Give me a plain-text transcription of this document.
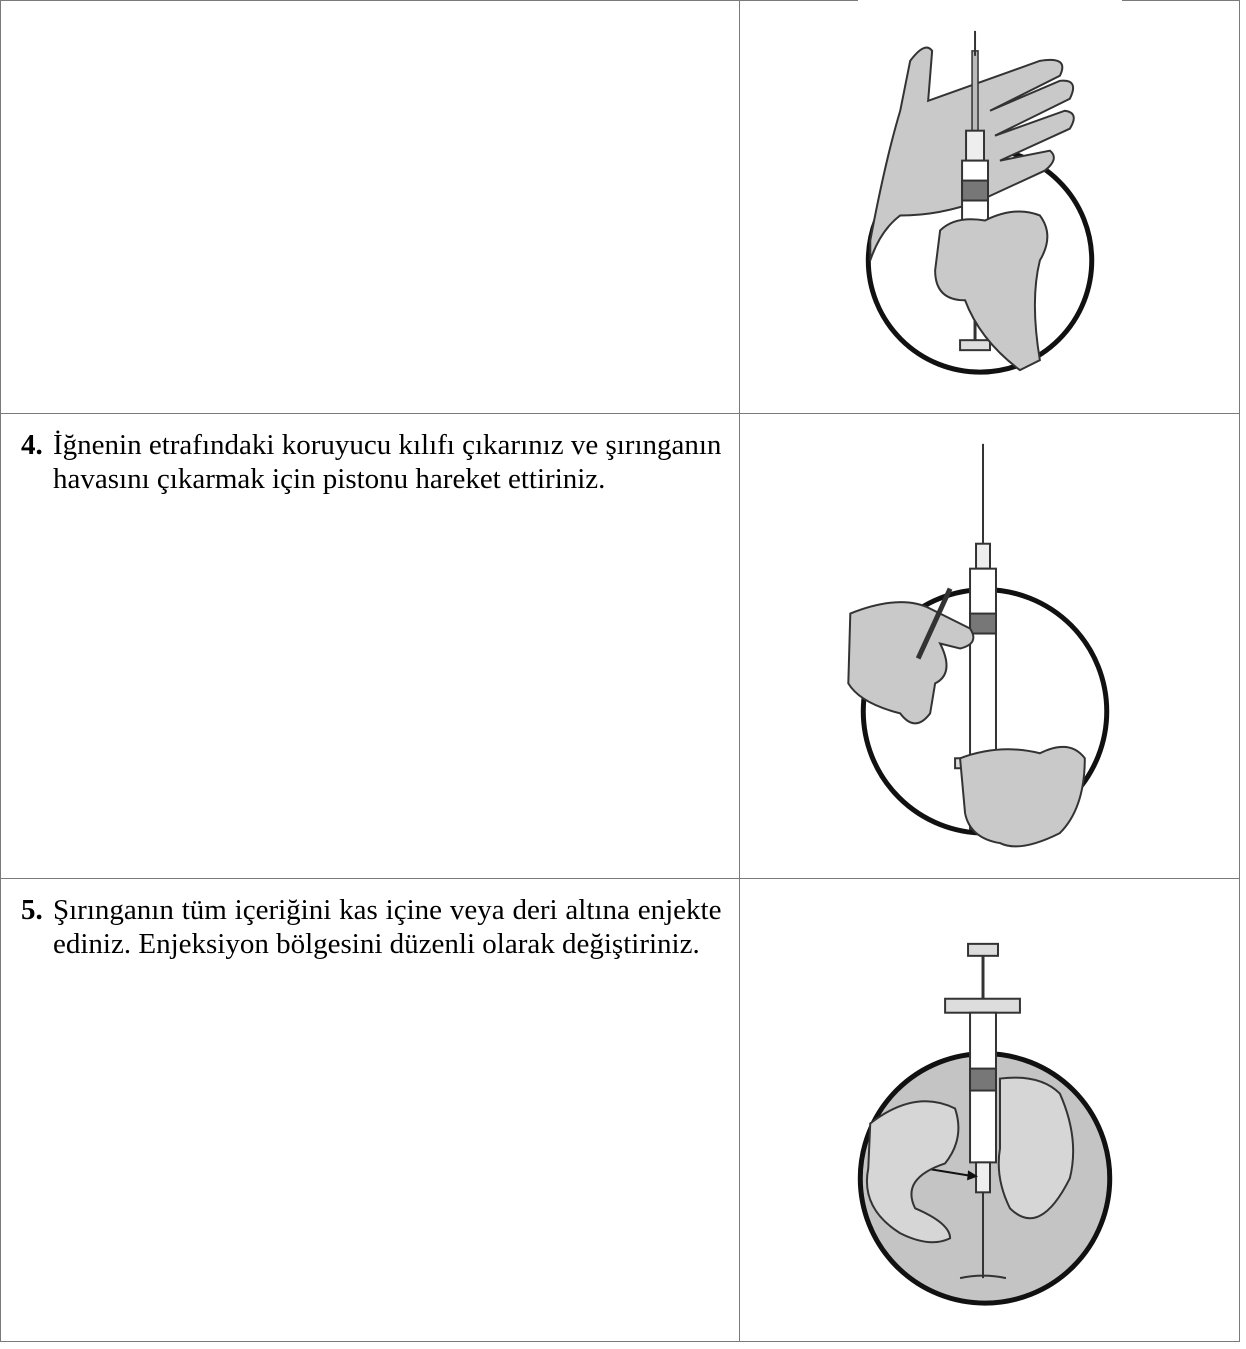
4. İğnenin etrafındaki koruyucu kılıfı çıkarınız ve şırınganın havasını çıkarmak için pistonu hareket ettiriniz.

5. Şırınganın tüm içeriğini kas içine veya deri altına enjekte ediniz. Enjeksiyon bölgesini düzenli olarak değiştiriniz.
